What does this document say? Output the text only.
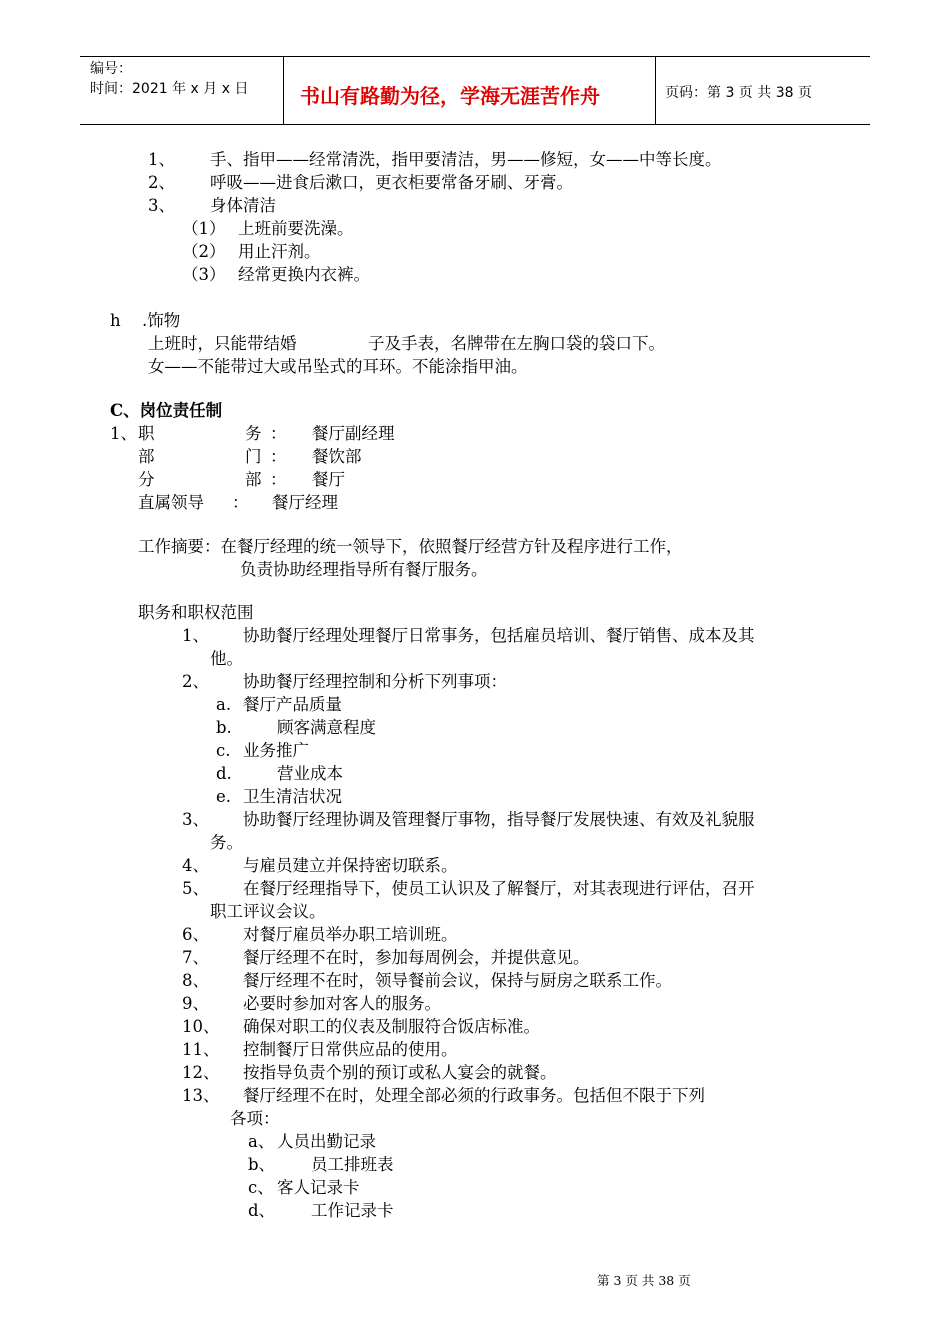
编号：
时间：2021 年 x 月 x 日	书山有路勤为径，学海无涯苦作舟	页码：第 3 页 共 38 页
1、 手、指甲——经常清洗，指甲要清洁，男——修短，女——中等长度。
2、 呼吸——进食后漱口，更衣柜要常备牙刷、牙膏。
3、 身体清洁
（1） 上班前要洗澡。
（2） 用止汗剂。
（3） 经常更换内衣裤。
h .饰物
上班时，只能带结婚	子及手表，名牌带在左胸口袋的袋口下。
女——不能带过大或吊坠式的耳环。不能涂指甲油。
C、岗位责任制
1、 职	务 ： 餐厅副经理
部	门 ： 餐饮部
分	部 ： 餐厅
直属领导 ： 餐厅经理
工作摘要：在餐厅经理的统一领导下，依照餐厅经营方针及程序进行工作，
负责协助经理指导所有餐厅服务。
职务和职权范围
1、 协助餐厅经理处理餐厅日常事务，包括雇员培训、餐厅销售、成本及其
他。
2、 协助餐厅经理控制和分析下列事项：
a. 餐厅产品质量
b.	顾客满意程度
c. 业务推广
d.	营业成本
e. 卫生清洁状况
3、 协助餐厅经理协调及管理餐厅事物，指导餐厅发展快速、有效及礼貌服
务。
4、 与雇员建立并保持密切联系。
5、 在餐厅经理指导下，使员工认识及了解餐厅，对其表现进行评估，召开
职工评议会议。
6、 对餐厅雇员举办职工培训班。
7、 餐厅经理不在时，参加每周例会，并提供意见。
8、 餐厅经理不在时，领导餐前会议，保持与厨房之联系工作。
9、 必要时参加对客人的服务。
10、 确保对职工的仪表及制服符合饭店标准。
11、 控制餐厅日常供应品的使用。
12、 按指导负责个别的预订或私人宴会的就餐。
13、 餐厅经理不在时，处理全部必须的行政事务。包括但不限于下列
各项：
a、 人员出勤记录
b、 员工排班表
c、 客人记录卡
d、 工作记录卡
第 3 页 共 38 页
